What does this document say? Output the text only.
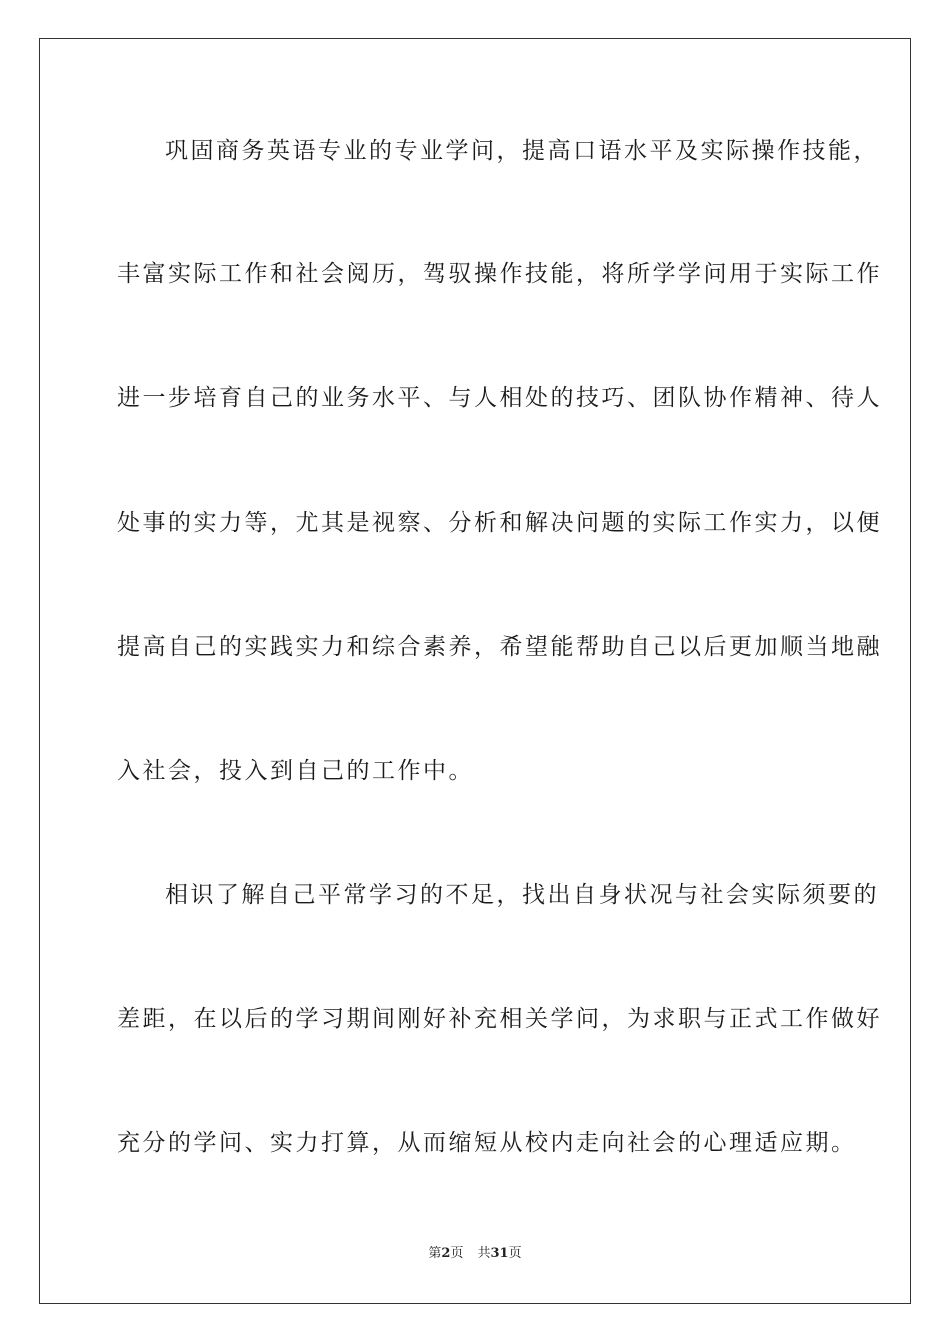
巩固商务英语专业的专业学问，提高口语水平及实际操作技能，
丰富实际工作和社会阅历，驾驭操作技能，将所学学问用于实际工作
进一步培育自己的业务水平、与人相处的技巧、团队协作精神、待人
处事的实力等，尤其是视察、分析和解决问题的实际工作实力，以便
提高自己的实践实力和综合素养，希望能帮助自己以后更加顺当地融
入社会，投入到自己的工作中。
相识了解自己平常学习的不足，找出自身状况与社会实际须要的
差距，在以后的学习期间刚好补充相关学问，为求职与正式工作做好
充分的学问、实力打算，从而缩短从校内走向社会的心理适应期。
第2页 共31页
